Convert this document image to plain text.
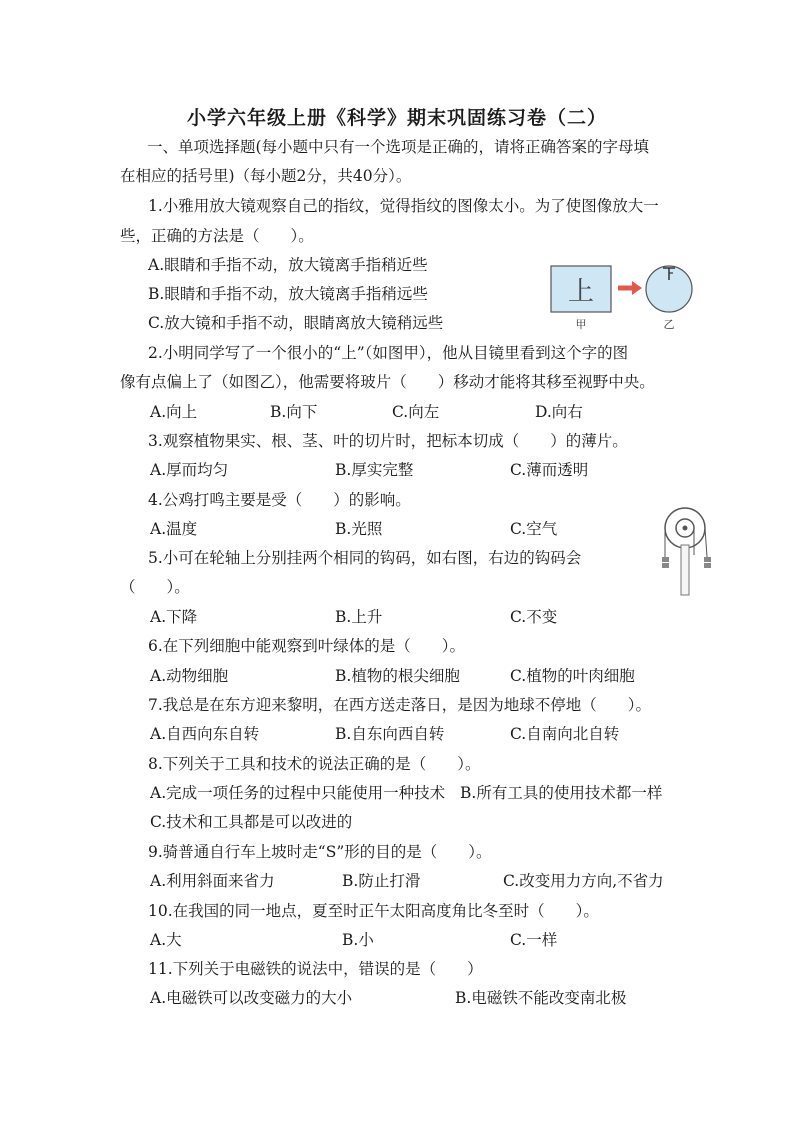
小学六年级上册《科学》期末巩固练习卷（二）
一、单项选择题(每小题中只有一个选项是正确的，请将正确答案的字母填
在相应的括号里)（每小题2分，共40分）。
1.小雅用放大镜观察自己的指纹，觉得指纹的图像太小。为了使图像放大一
些，正确的方法是（　　）。
A.眼睛和手指不动，放大镜离手指稍近些
B.眼睛和手指不动，放大镜离手指稍远些
C.放大镜和手指不动，眼睛离放大镜稍远些
上
甲	乙
2.小明同学写了一个很小的“上”（如图甲），他从目镜里看到这个字的图
像有点偏上了（如图乙），他需要将玻片（　　）移动才能将其移至视野中央。
A.向上	B.向下	C.向左	D.向右
3.观察植物果实、根、茎、叶的切片时，把标本切成（　　）的薄片。
A.厚而均匀	B.厚实完整	C.薄而透明
4.公鸡打鸣主要是受（　　）的影响。
A.温度	B.光照	C.空气
5.小可在轮轴上分别挂两个相同的钩码，如右图，右边的钩码会
（　　）。
A.下降	B.上升	C.不变
6.在下列细胞中能观察到叶绿体的是（　　）。
A.动物细胞	B.植物的根尖细胞	C.植物的叶肉细胞
7.我总是在东方迎来黎明，在西方送走落日，是因为地球不停地（　　）。
A.自西向东自转	B.自东向西自转	C.自南向北自转
8.下列关于工具和技术的说法正确的是（　　）。
A.完成一项任务的过程中只能使用一种技术 B.所有工具的使用技术都一样
C.技术和工具都是可以改进的
9.骑普通自行车上坡时走“S”形的目的是（　　）。
A.利用斜面来省力	B.防止打滑	C.改变用力方向,不省力
10.在我国的同一地点，夏至时正午太阳高度角比冬至时（　　）。
A.大	B.小	C.一样
11.下列关于电磁铁的说法中，错误的是（　　）
A.电磁铁可以改变磁力的大小	B.电磁铁不能改变南北极
